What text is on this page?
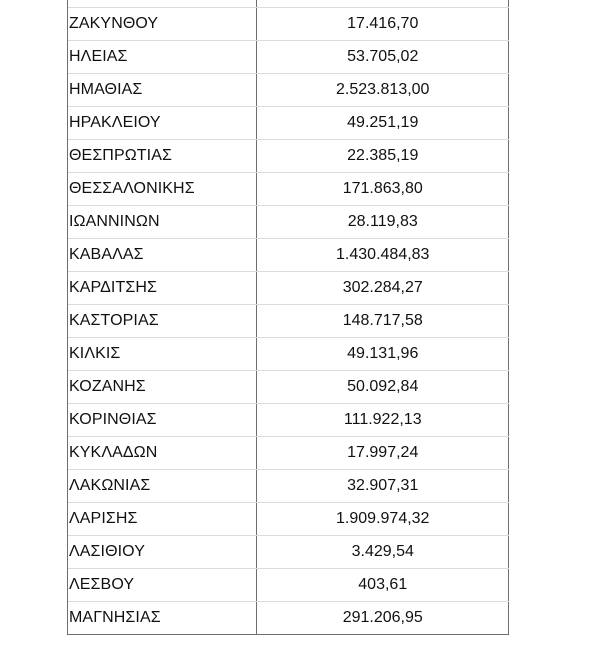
ΖΑΚΥΝΘΟΥ	17.416,70
ΗΛΕΙΑΣ	53.705,02
ΗΜΑΘΙΑΣ	2.523.813,00
ΗΡΑΚΛΕΙΟΥ	49.251,19
ΘΕΣΠΡΩΤΙΑΣ	22.385,19
ΘΕΣΣΑΛΟΝΙΚΗΣ	171.863,80
ΙΩΑΝΝΙΝΩΝ	28.119,83
ΚΑΒΑΛΑΣ	1.430.484,83
ΚΑΡΔΙΤΣΗΣ	302.284,27
ΚΑΣΤΟΡΙΑΣ	148.717,58
ΚΙΛΚΙΣ	49.131,96
ΚΟΖΑΝΗΣ	50.092,84
ΚΟΡΙΝΘΙΑΣ	111.922,13
ΚΥΚΛΑΔΩΝ	17.997,24
ΛΑΚΩΝΙΑΣ	32.907,31
ΛΑΡΙΣΗΣ	1.909.974,32
ΛΑΣΙΘΙΟΥ	3.429,54
ΛΕΣΒΟΥ	403,61
ΜΑΓΝΗΣΙΑΣ	291.206,95
